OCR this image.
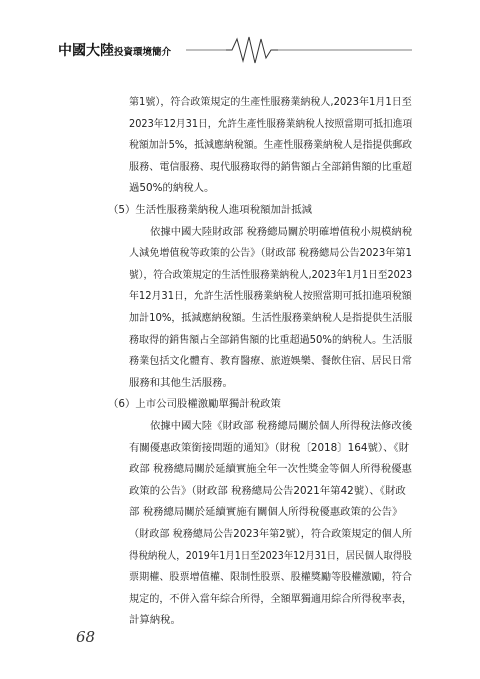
中國大陸投資環境簡介
第1號），符合政策規定的生產性服務業納稅人,2023年1月1日至
2023年12月31日，允許生產性服務業納稅人按照當期可抵扣進項
稅額加計5%，抵減應納稅額。生產性服務業納稅人是指提供郵政
服務、電信服務、現代服務取得的銷售額占全部銷售額的比重超
過50%的納稅人。
（5）生活性服務業納稅人進項稅額加計抵減
依據中國大陸財政部 稅務總局關於明確增值稅小規模納稅
人減免增值稅等政策的公告》（財政部 稅務總局公告2023年第1
號），符合政策規定的生活性服務業納稅人,2023年1月1日至2023
年12月31日，允許生活性服務業納稅人按照當期可抵扣進項稅額
加計10%，抵減應納稅額。生活性服務業納稅人是指提供生活服
務取得的銷售額占全部銷售額的比重超過50%的納稅人。生活服
務業包括文化體育、教育醫療、旅遊娛樂、餐飲住宿、居民日常
服務和其他生活服務。
（6）上市公司股權激勵單獨計稅政策
依據中國大陸《財政部 稅務總局關於個人所得稅法修改後
有關優惠政策銜接問題的通知》（財稅〔2018〕164號）、《財
政部 稅務總局關於延續實施全年一次性獎金等個人所得稅優惠
政策的公告》（財政部 稅務總局公告2021年第42號）、《財政
部 稅務總局關於延續實施有關個人所得稅優惠政策的公告》
（財政部 稅務總局公告2023年第2號），符合政策規定的個人所
得稅納稅人，2019年1月1日至2023年12月31日，居民個人取得股
票期權、股票增值權、限制性股票、股權獎勵等股權激勵，符合
規定的，不併入當年綜合所得，全額單獨適用綜合所得稅率表，
計算納稅。
68
